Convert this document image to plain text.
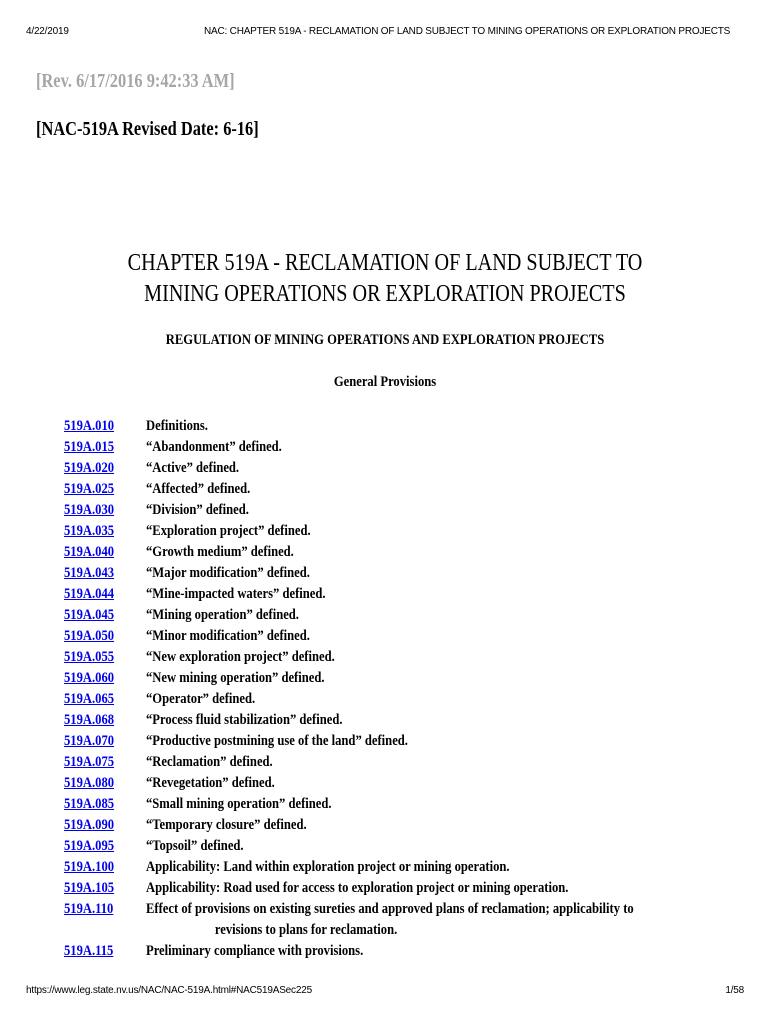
4/22/2019	NAC: CHAPTER 519A - RECLAMATION OF LAND SUBJECT TO MINING OPERATIONS OR EXPLORATION PROJECTS
[Rev. 6/17/2016 9:42:33 AM]
[NAC-519A Revised Date: 6-16]
CHAPTER 519A - RECLAMATION OF LAND SUBJECT TO MINING OPERATIONS OR EXPLORATION PROJECTS
REGULATION OF MINING OPERATIONS AND EXPLORATION PROJECTS
General Provisions
519A.010	Definitions.
519A.015	“Abandonment” defined.
519A.020	“Active” defined.
519A.025	“Affected” defined.
519A.030	“Division” defined.
519A.035	“Exploration project” defined.
519A.040	“Growth medium” defined.
519A.043	“Major modification” defined.
519A.044	“Mine-impacted waters” defined.
519A.045	“Mining operation” defined.
519A.050	“Minor modification” defined.
519A.055	“New exploration project” defined.
519A.060	“New mining operation” defined.
519A.065	“Operator” defined.
519A.068	“Process fluid stabilization” defined.
519A.070	“Productive postmining use of the land” defined.
519A.075	“Reclamation” defined.
519A.080	“Revegetation” defined.
519A.085	“Small mining operation” defined.
519A.090	“Temporary closure” defined.
519A.095	“Topsoil” defined.
519A.100	Applicability: Land within exploration project or mining operation.
519A.105	Applicability: Road used for access to exploration project or mining operation.
519A.110	Effect of provisions on existing sureties and approved plans of reclamation; applicability to
revisions to plans for reclamation.
519A.115	Preliminary compliance with provisions.
https://www.leg.state.nv.us/NAC/NAC-519A.html#NAC519ASec225	1/58
